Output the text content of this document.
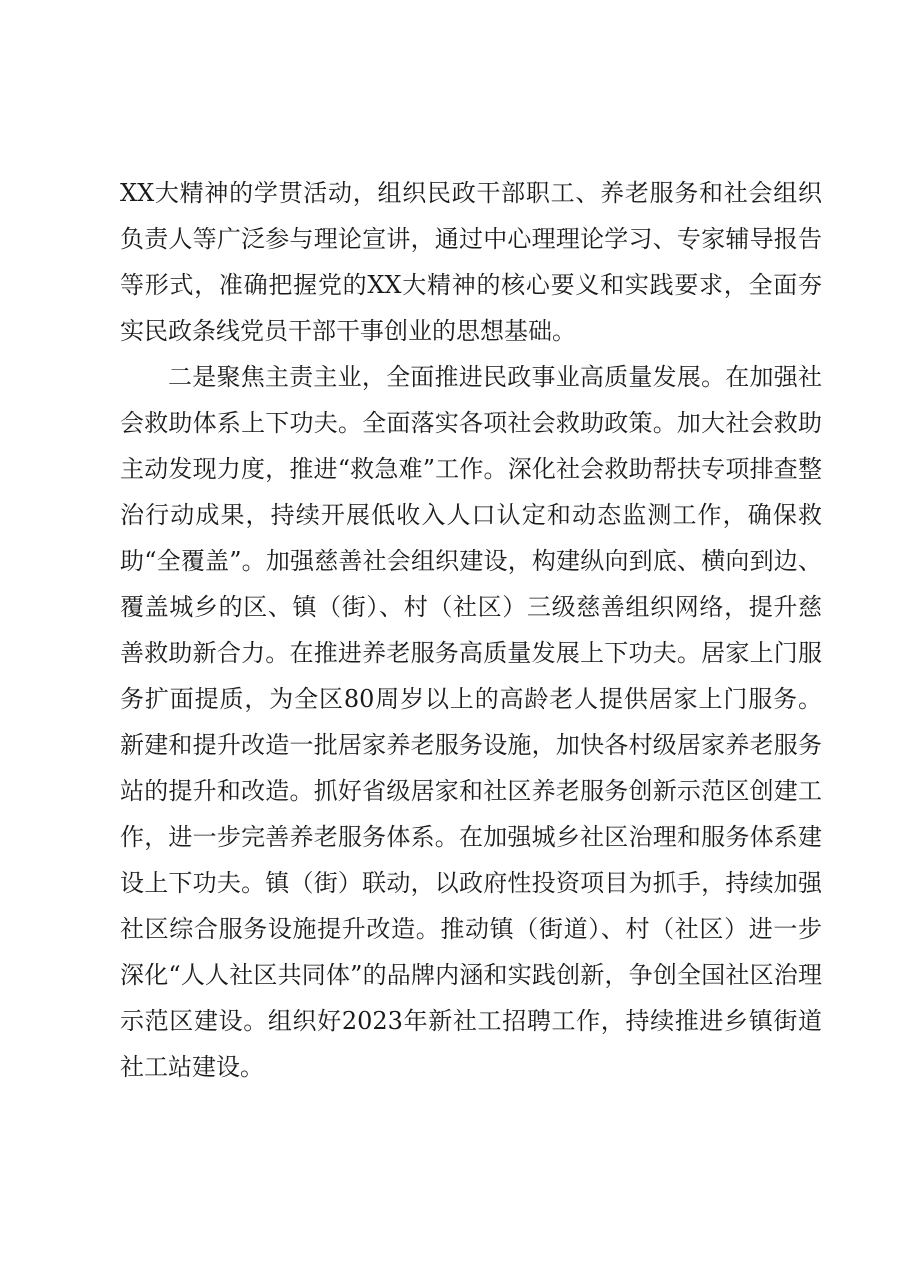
XX大精神的学贯活动，组织民政干部职工、养老服务和社会组织负责人等广泛参与理论宣讲，通过中心理理论学习、专家辅导报告等形式，准确把握党的XX大精神的核心要义和实践要求，全面夯实民政条线党员干部干事创业的思想基础。

二是聚焦主责主业，全面推进民政事业高质量发展。在加强社会救助体系上下功夫。全面落实各项社会救助政策。加大社会救助主动发现力度，推进“救急难”工作。深化社会救助帮扶专项排查整治行动成果，持续开展低收入人口认定和动态监测工作，确保救助“全覆盖”。加强慈善社会组织建设，构建纵向到底、横向到边、覆盖城乡的区、镇（街）、村（社区）三级慈善组织网络，提升慈善救助新合力。在推进养老服务高质量发展上下功夫。居家上门服务扩面提质，为全区80周岁以上的高龄老人提供居家上门服务。新建和提升改造一批居家养老服务设施，加快各村级居家养老服务站的提升和改造。抓好省级居家和社区养老服务创新示范区创建工作，进一步完善养老服务体系。在加强城乡社区治理和服务体系建设上下功夫。镇（街）联动，以政府性投资项目为抓手，持续加强社区综合服务设施提升改造。推动镇（街道）、村（社区）进一步深化“人人社区共同体”的品牌内涵和实践创新，争创全国社区治理示范区建设。组织好2023年新社工招聘工作，持续推进乡镇街道社工站建设。
